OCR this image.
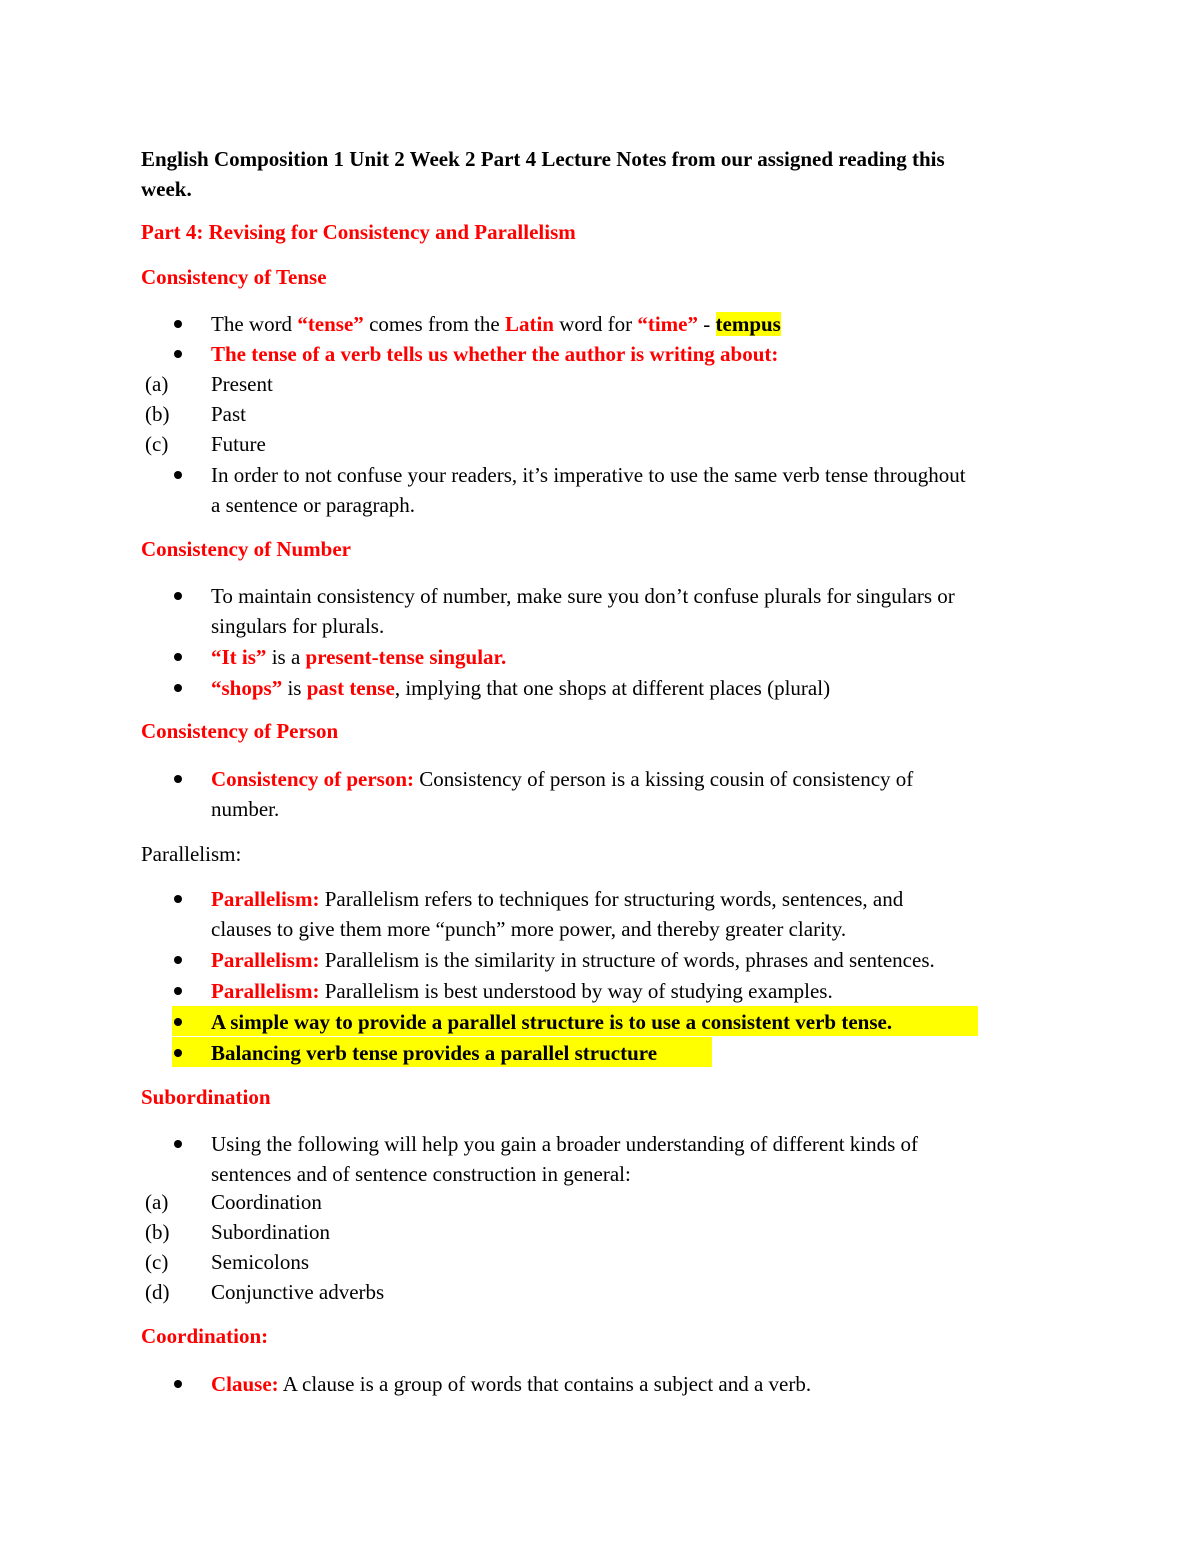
English Composition 1 Unit 2 Week 2 Part 4 Lecture Notes from our assigned reading this
week.
Part 4: Revising for Consistency and Parallelism
Consistency of Tense
The word “tense” comes from the Latin word for “time” - tempus
The tense of a verb tells us whether the author is writing about:
(a) Present
(b) Past
(c) Future
In order to not confuse your readers, it’s imperative to use the same verb tense throughout
a sentence or paragraph.
Consistency of Number
To maintain consistency of number, make sure you don’t confuse plurals for singulars or
singulars for plurals.
“It is” is a present-tense singular.
“shops” is past tense, implying that one shops at different places (plural)
Consistency of Person
Consistency of person: Consistency of person is a kissing cousin of consistency of
number.
Parallelism:
Parallelism: Parallelism refers to techniques for structuring words, sentences, and
clauses to give them more “punch” more power, and thereby greater clarity.
Parallelism: Parallelism is the similarity in structure of words, phrases and sentences.
Parallelism: Parallelism is best understood by way of studying examples.
A simple way to provide a parallel structure is to use a consistent verb tense.
Balancing verb tense provides a parallel structure
Subordination
Using the following will help you gain a broader understanding of different kinds of
sentences and of sentence construction in general:
(a) Coordination
(b) Subordination
(c) Semicolons
(d) Conjunctive adverbs
Coordination:
Clause: A clause is a group of words that contains a subject and a verb.
